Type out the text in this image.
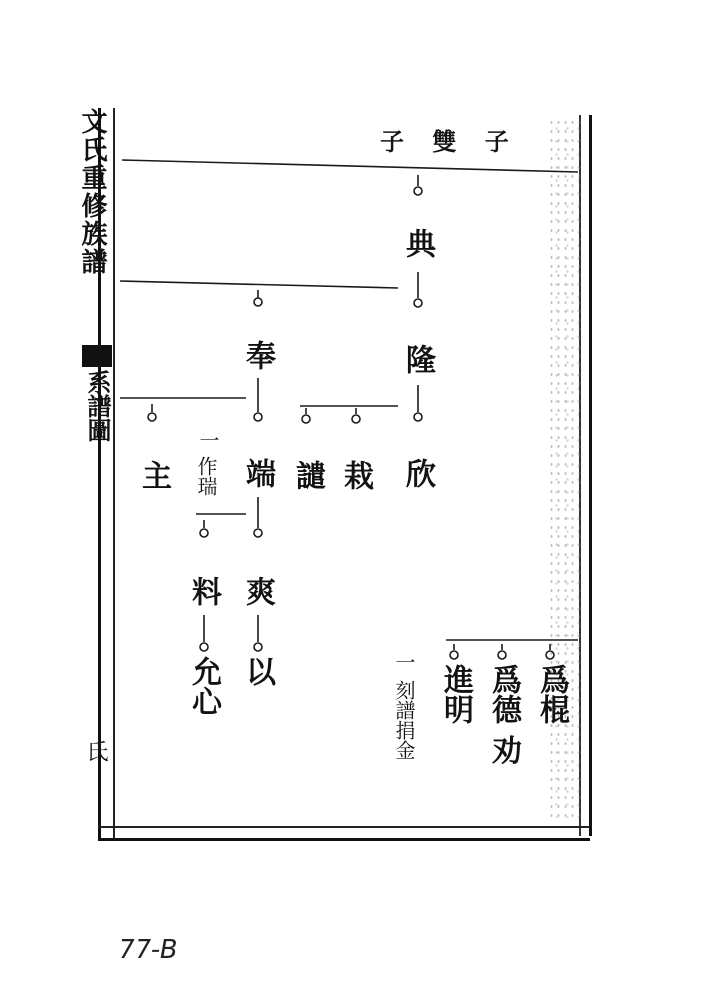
文氏重修族譜
系譜圖
子 雙 子
典
隆
奉
欣
栽
譴
端
主
一
作瑞
爽
料
以
允心	爲棍
爲德 劝
進明
一
刻譜捐金
氏
77-B
